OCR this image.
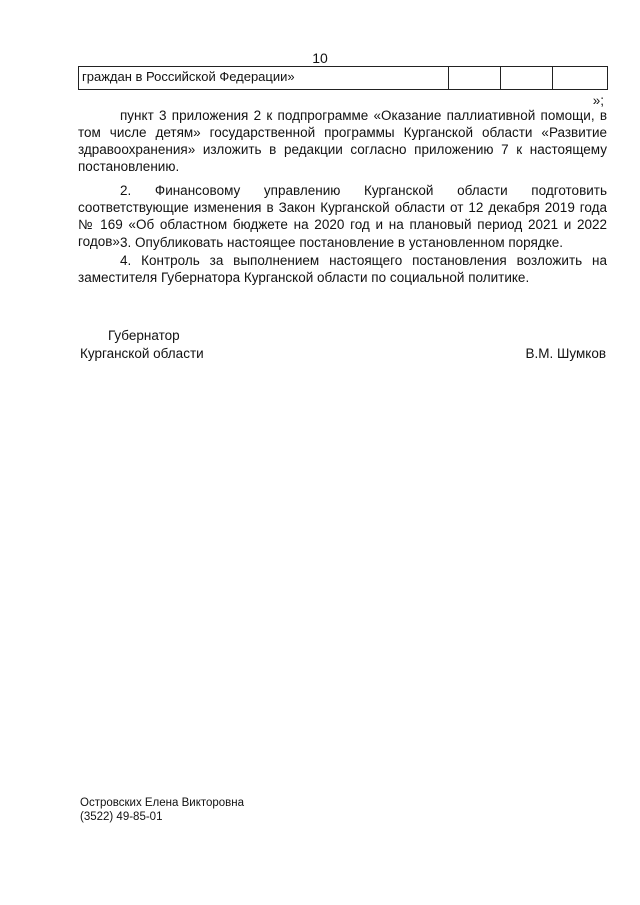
10
граждан в Российской Федерации»			
»;

пункт 3 приложения 2 к подпрограмме «Оказание паллиативной помощи, в том числе детям» государственной программы Курганской области «Развитие здравоохранения» изложить в редакции согласно приложению 7 к настоящему постановлению.

2. Финансовому управлению Курганской области подготовить соответствующие изменения в Закон Курганской области от 12 декабря 2019 года № 169 «Об областном бюджете на 2020 год и на плановый период 2021 и 2022 годов».

3. Опубликовать настоящее постановление в установленном порядке.

4. Контроль за выполнением настоящего постановления возложить на заместителя Губернатора Курганской области по социальной политике.

Губернатор
Курганской области	В.М. Шумков
Островских Елена Викторовна
(3522) 49-85-01
